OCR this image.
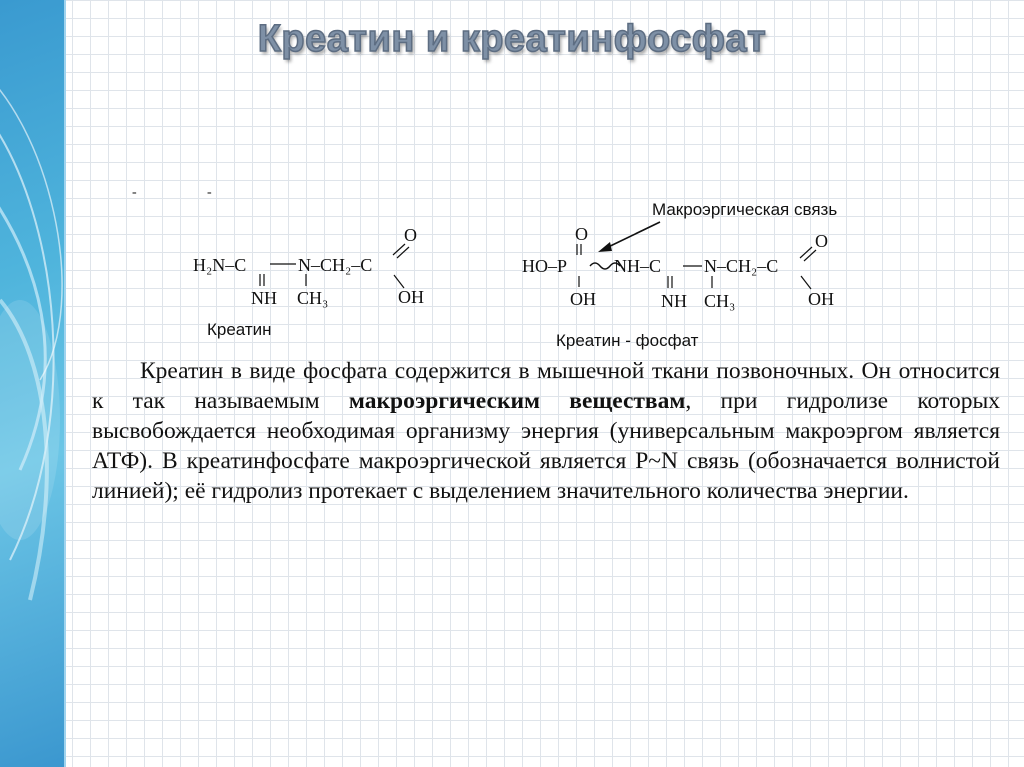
Креатин и креатинфосфат
-	-
H₂N–C	N–CH₂–C
NH CH₃
O
OH
Креатин
Макроэргическая связь
O
HO–P	NH–C
OH
N–CH₂–C
NH CH₃
O
OH
Креатин - фосфат

Креатин в виде фосфата содержится в мышечной ткани позвоночных. Он относится к так называемым макроэргическим веществам, при гидролизе которых высвобождается необходимая организму энергия (универсальным макроэргом является АТФ). В креатинфосфате макроэргической является P~N связь (обозначается волнистой линией); её гидролиз протекает с выделением значительного количества энергии.
